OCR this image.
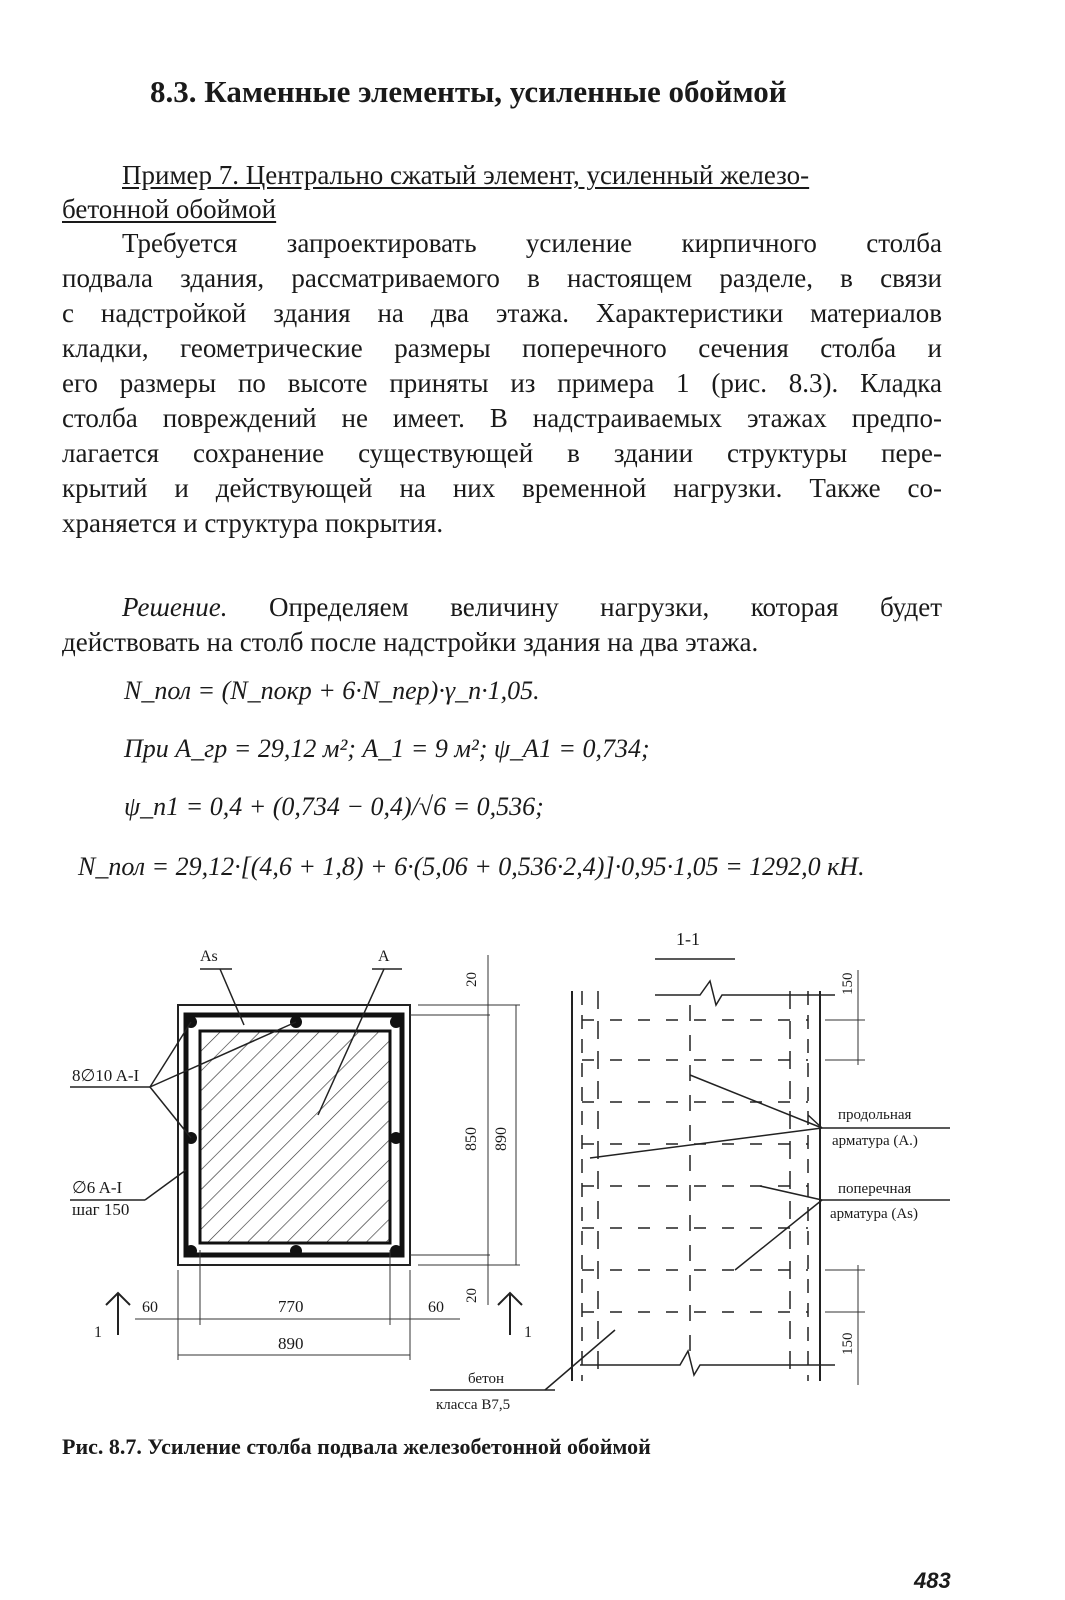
8.3. Каменные элементы, усиленные обоймой
Пример 7. Центрально сжатый элемент, усиленный железо-
бетонной обоймой
Требуется запроектировать усиление кирпичного столба
подвала здания, рассматриваемого в настоящем разделе, в связи
с надстройкой здания на два этажа. Характеристики материалов
кладки, геометрические размеры поперечного сечения столба и
его размеры по высоте приняты из примера 1 (рис. 8.3). Кладка
столба повреждений не имеет. В надстраиваемых этажах предпо-
лагается сохранение существующей в здании структуры пере-
крытий и действующей на них временной нагрузки. Также со-
храняется и структура покрытия.
Решение. Определяем величину нагрузки, которая будет
действовать на столб после надстройки здания на два этажа.
N_пол = (N_покр + 6·N_пер)·γ_n·1,05.
При A_гр = 29,12 м²; A_1 = 9 м²; ψ_A1 = 0,734;
ψ_n1 = 0,4 + (0,734 − 0,4)/√6 = 0,536;
N_пол = 29,12·[(4,6 + 1,8) + 6·(5,06 + 0,536·2,4)]·0,95·1,05 = 1292,0 кН.
As	A
8∅10 A-I
∅6 A-I
шаг 150
20
850 890
20
60	770	60
890
1	1
1-1
150
150
продольная
арматура (A.)
поперечная
арматура (As)
бетон
класса В7,5
Рис. 8.7. Усиление столба подвала железобетонной обоймой
483
